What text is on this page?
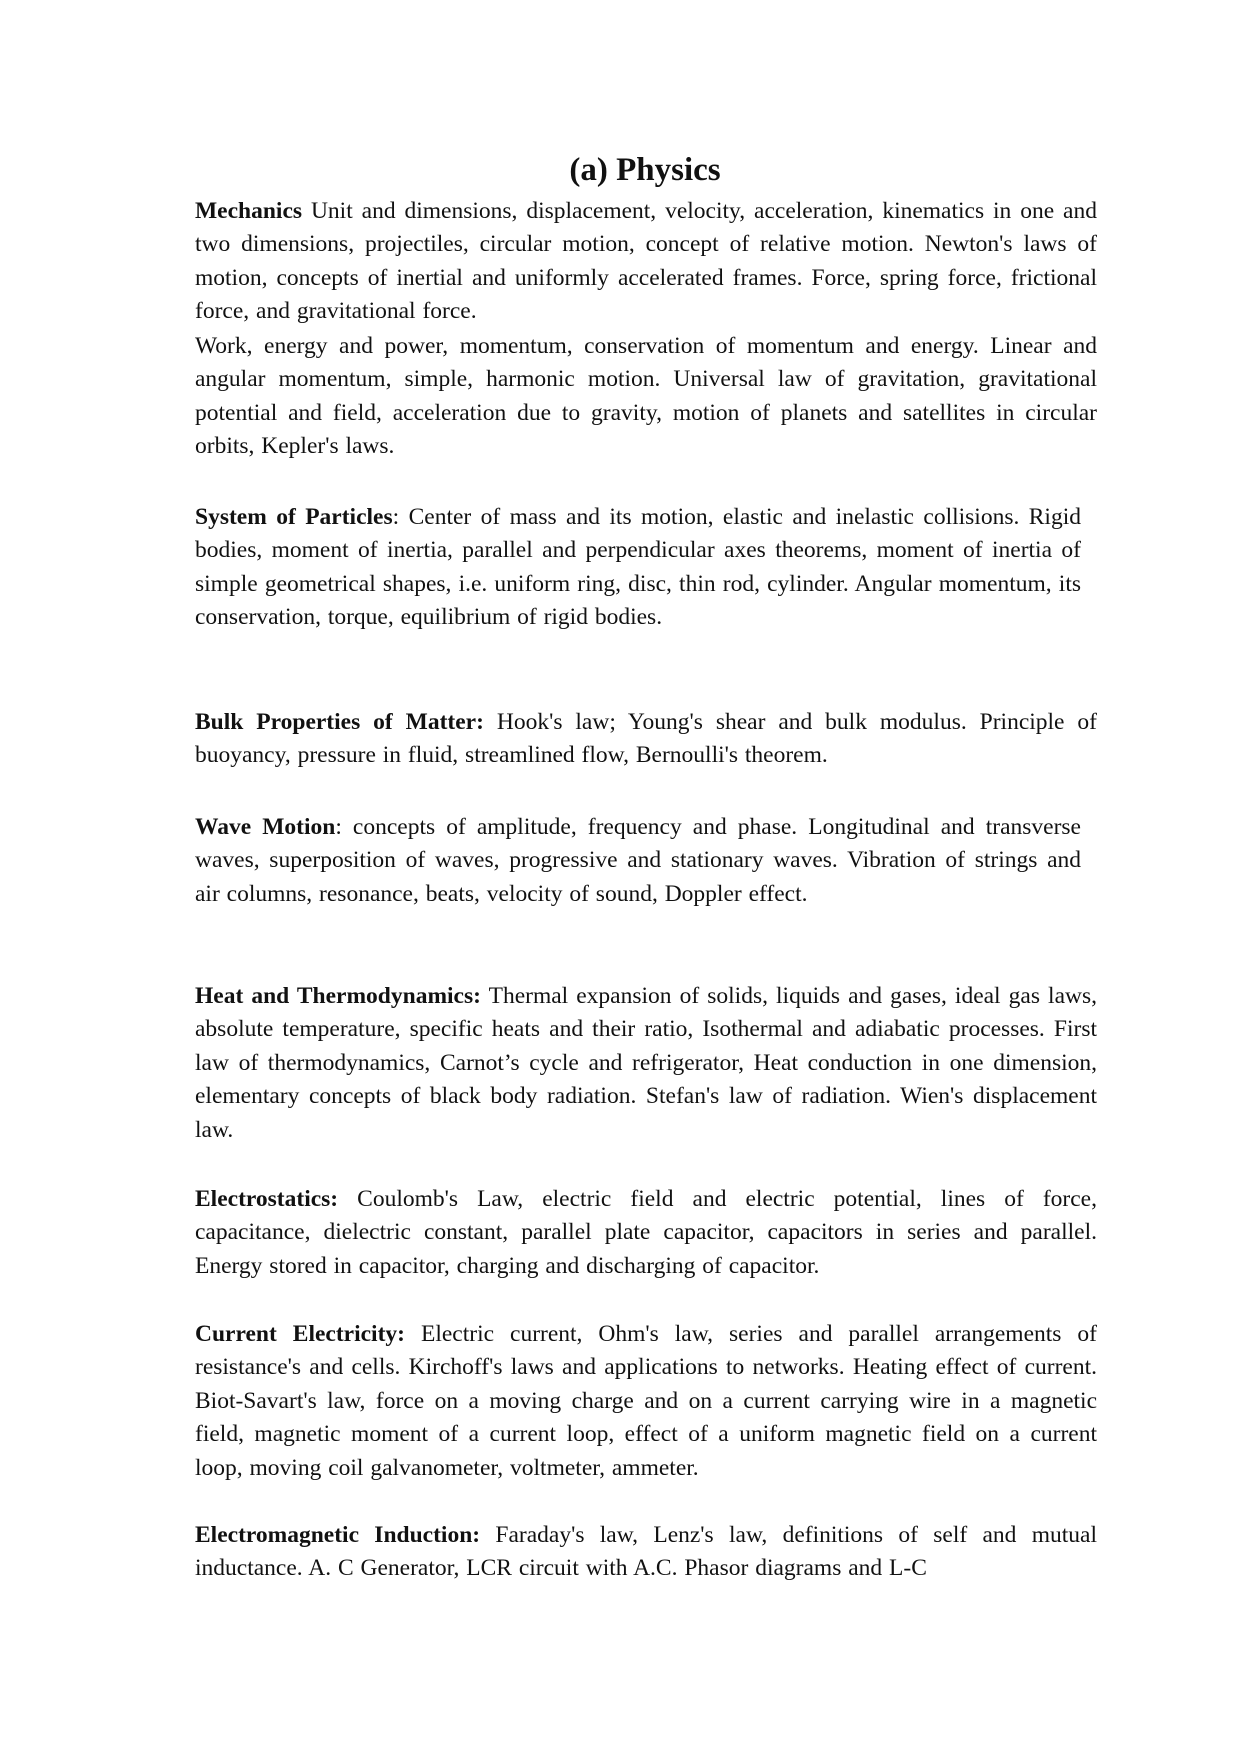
(a) Physics

Mechanics Unit and dimensions, displacement, velocity, acceleration, kinematics in one and two dimensions, projectiles, circular motion, concept of relative motion. Newton's laws of motion, concepts of inertial and uniformly accelerated frames. Force, spring force, frictional force, and gravitational force.

Work, energy and power, momentum, conservation of momentum and energy. Linear and angular momentum, simple, harmonic motion. Universal law of gravitation, gravitational potential and field, acceleration due to gravity, motion of planets and satellites in circular orbits, Kepler's laws.

System of Particles: Center of mass and its motion, elastic and inelastic collisions. Rigid bodies, moment of inertia, parallel and perpendicular axes theorems, moment of inertia of simple geometrical shapes, i.e. uniform ring, disc, thin rod, cylinder. Angular momentum, its conservation, torque, equilibrium of rigid bodies.

Bulk Properties of Matter: Hook's law; Young's shear and bulk modulus. Principle of buoyancy, pressure in fluid, streamlined flow, Bernoulli's theorem.

Wave Motion: concepts of amplitude, frequency and phase. Longitudinal and transverse waves, superposition of waves, progressive and stationary waves. Vibration of strings and air columns, resonance, beats, velocity of sound, Doppler effect.

Heat and Thermodynamics: Thermal expansion of solids, liquids and gases, ideal gas laws, absolute temperature, specific heats and their ratio, Isothermal and adiabatic processes. First law of thermodynamics, Carnot’s cycle and refrigerator, Heat conduction in one dimension, elementary concepts of black body radiation. Stefan's law of radiation. Wien's displacement law.

Electrostatics: Coulomb's Law, electric field and electric potential, lines of force, capacitance, dielectric constant, parallel plate capacitor, capacitors in series and parallel. Energy stored in capacitor, charging and discharging of capacitor.

Current Electricity: Electric current, Ohm's law, series and parallel arrangements of resistance's and cells. Kirchoff's laws and applications to networks. Heating effect of current. Biot-Savart's law, force on a moving charge and on a current carrying wire in a magnetic field, magnetic moment of a current loop, effect of a uniform magnetic field on a current loop, moving coil galvanometer, voltmeter, ammeter.

Electromagnetic Induction: Faraday's law, Lenz's law, definitions of self and mutual inductance. A. C Generator, LCR circuit with A.C. Phasor diagrams and L-C
